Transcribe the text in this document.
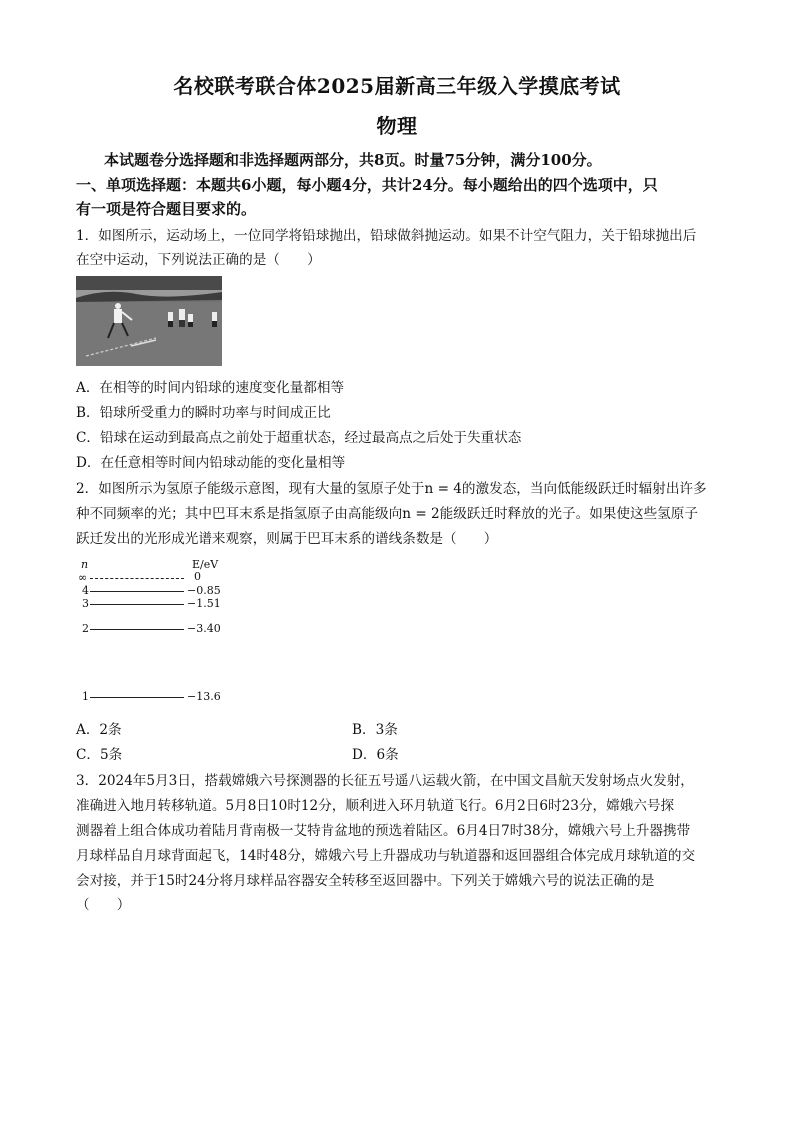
名校联考联合体2025届新高三年级入学摸底考试
物理
本试题卷分选择题和非选择题两部分，共8页。时量75分钟，满分100分。
一、单项选择题：本题共6小题，每小题4分，共计24分。每小题给出的四个选项中，只
有一项是符合题目要求的。
1．如图所示，运动场上，一位同学将铅球抛出，铅球做斜抛运动。如果不计空气阻力，关于铅球抛出后
在空中运动，下列说法正确的是（　　）
A．在相等的时间内铅球的速度变化量都相等
B．铅球所受重力的瞬时功率与时间成正比
C．铅球在运动到最高点之前处于超重状态，经过最高点之后处于失重状态
D．在任意相等时间内铅球动能的变化量相等
2．如图所示为氢原子能级示意图，现有大量的氢原子处于n = 4的激发态，当向低能级跃迁时辐射出许多
种不同频率的光；其中巴耳末系是指氢原子由高能级向n = 2能级跃迁时释放的光子。如果使这些氢原子
跃迁发出的光形成光谱来观察，则属于巴耳末系的谱线条数是（　　）
n	E/eV
∞	0
4	−0.85
3	−1.51
2	−3.40
1	−13.6
A．2条	B．3条
C．5条	D．6条
3．2024年5月3日，搭载嫦娥六号探测器的长征五号遥八运载火箭，在中国文昌航天发射场点火发射，
准确进入地月转移轨道。5月8日10时12分，顺利进入环月轨道飞行。6月2日6时23分，嫦娥六号探
测器着上组合体成功着陆月背南极一艾特肯盆地的预选着陆区。6月4日7时38分，嫦娥六号上升器携带
月球样品自月球背面起飞，14时48分，嫦娥六号上升器成功与轨道器和返回器组合体完成月球轨道的交
会对接，并于15时24分将月球样品容器安全转移至返回器中。下列关于嫦娥六号的说法正确的是
（　　）
